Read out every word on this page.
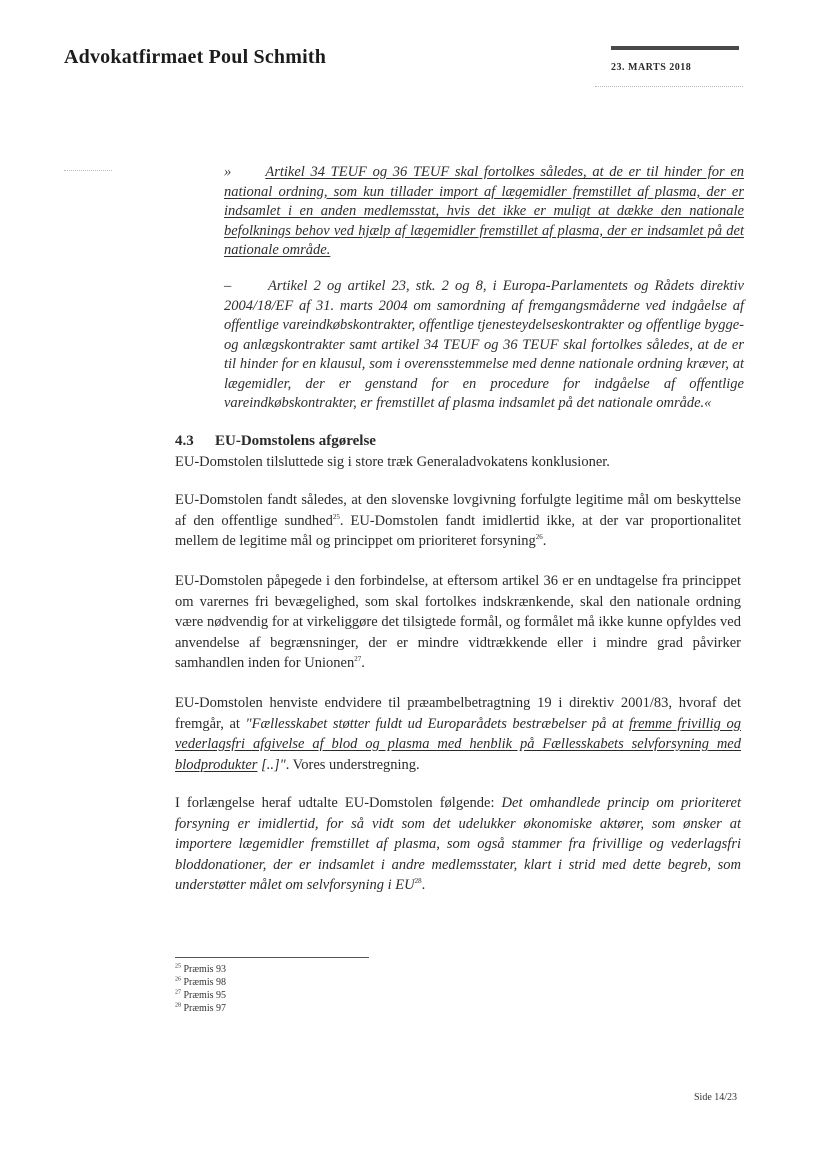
Advokatfirmaet Poul Schmith	23. MARTS 2018
» Artikel 34 TEUF og 36 TEUF skal fortolkes således, at de er til hinder for en national ordning, som kun tillader import af lægemidler fremstillet af plasma, der er indsamlet i en anden medlemsstat, hvis det ikke er muligt at dække den nationale befolknings behov ved hjælp af lægemidler fremstillet af plasma, der er indsamlet på det nationale område.
–	Artikel 2 og artikel 23, stk. 2 og 8, i Europa-Parlamentets og Rådets direktiv 2004/18/EF af 31. marts 2004 om samordning af fremgangsmåderne ved indgåelse af offentlige vareindkøbskontrakter, offentlige tjenesteydelseskontrakter og offentlige bygge- og anlægskontrakter samt artikel 34 TEUF og 36 TEUF skal fortolkes således, at de er til hinder for en klausul, som i overensstemmelse med denne nationale ordning kræver, at lægemidler, der er genstand for en procedure for indgåelse af offentlige vareindkøbskontrakter, er fremstillet af plasma indsamlet på det nationale område.«
4.3 EU-Domstolens afgørelse
EU-Domstolen tilsluttede sig i store træk Generaladvokatens konklusioner.
EU-Domstolen fandt således, at den slovenske lovgivning forfulgte legitime mål om beskyttelse af den offentlige sundhed$^{25}$. EU-Domstolen fandt imidlertid ikke, at der var proportionalitet mellem de legitime mål og princippet om prioriteret forsyning$^{26}$.
EU-Domstolen påpegede i den forbindelse, at eftersom artikel 36 er en undtagelse fra princippet om varernes fri bevægelighed, som skal fortolkes indskrænkende, skal den nationale ordning være nødvendig for at virkeliggøre det tilsigtede formål, og formålet må ikke kunne opfyldes ved anvendelse af begrænsninger, der er mindre vidtrækkende eller i mindre grad påvirker samhandlen inden for Unionen$^{27}$.
EU-Domstolen henviste endvidere til præambelbetragtning 19 i direktiv 2001/83, hvoraf det fremgår, at "Fællesskabet støtter fuldt ud Europarådets bestræbelser på at fremme frivillig og vederlagsfri afgivelse af blod og plasma med henblik på Fællesskabets selvforsyning med blodprodukter [..]". Vores understregning.
I forlængelse heraf udtalte EU-Domstolen følgende: Det omhandlede princip om prioriteret forsyning er imidlertid, for så vidt som det udelukker økonomiske aktører, som ønsker at importere lægemidler fremstillet af plasma, som også stammer fra frivillige og vederlagsfri bloddonationer, der er indsamlet i andre medlemsstater, klart i strid med dette begreb, som understøtter målet om selvforsyning i EU$^{28}$.
$^{25}$ Præmis 93
$^{26}$ Præmis 98
$^{27}$ Præmis 95
$^{28}$ Præmis 97
Side 14/23
